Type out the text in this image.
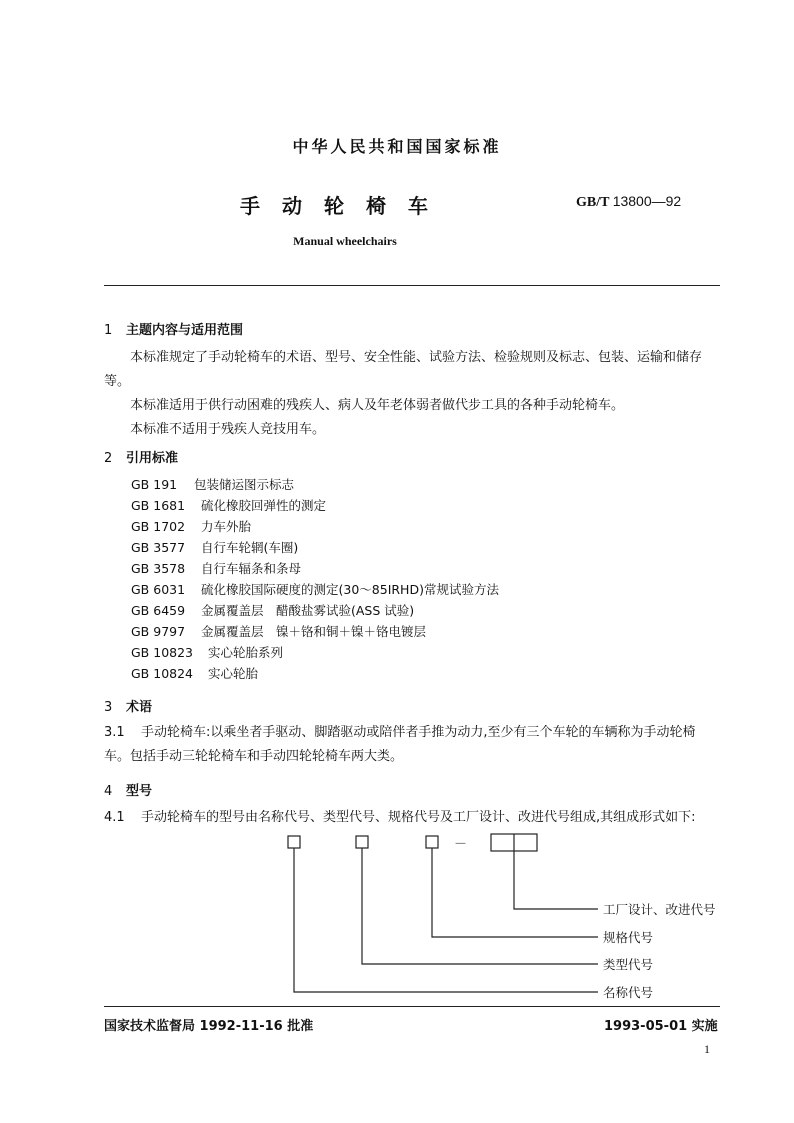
中华人民共和国国家标准
手动轮椅车	GB/T 13800—92
Manual wheelchairs
1 主题内容与适用范围
本标准规定了手动轮椅车的术语、型号、安全性能、试验方法、检验规则及标志、包装、运输和储存等。
本标准适用于供行动困难的残疾人、病人及年老体弱者做代步工具的各种手动轮椅车。
本标准不适用于残疾人竞技用车。
2 引用标准
GB 191 包装储运图示标志
GB 1681 硫化橡胶回弹性的测定
GB 1702 力车外胎
GB 3577 自行车轮辋(车圈)
GB 3578 自行车辐条和条母
GB 6031 硫化橡胶国际硬度的测定(30～85IRHD)常规试验方法
GB 6459 金属覆盖层　醋酸盐雾试验(ASS 试验)
GB 9797 金属覆盖层　镍＋铬和铜＋镍＋铬电镀层
GB 10823 实心轮胎系列
GB 10824 实心轮胎
3 术语
3.1 手动轮椅车:以乘坐者手驱动、脚踏驱动或陪伴者手推为动力,至少有三个车轮的车辆称为手动轮椅车。包括手动三轮轮椅车和手动四轮轮椅车两大类。
4 型号
4.1 手动轮椅车的型号由名称代号、类型代号、规格代号及工厂设计、改进代号组成,其组成形式如下:
－
工厂设计、改进代号
规格代号
类型代号
名称代号
国家技术监督局 1992-11-16 批准	1993-05-01 实施
1
